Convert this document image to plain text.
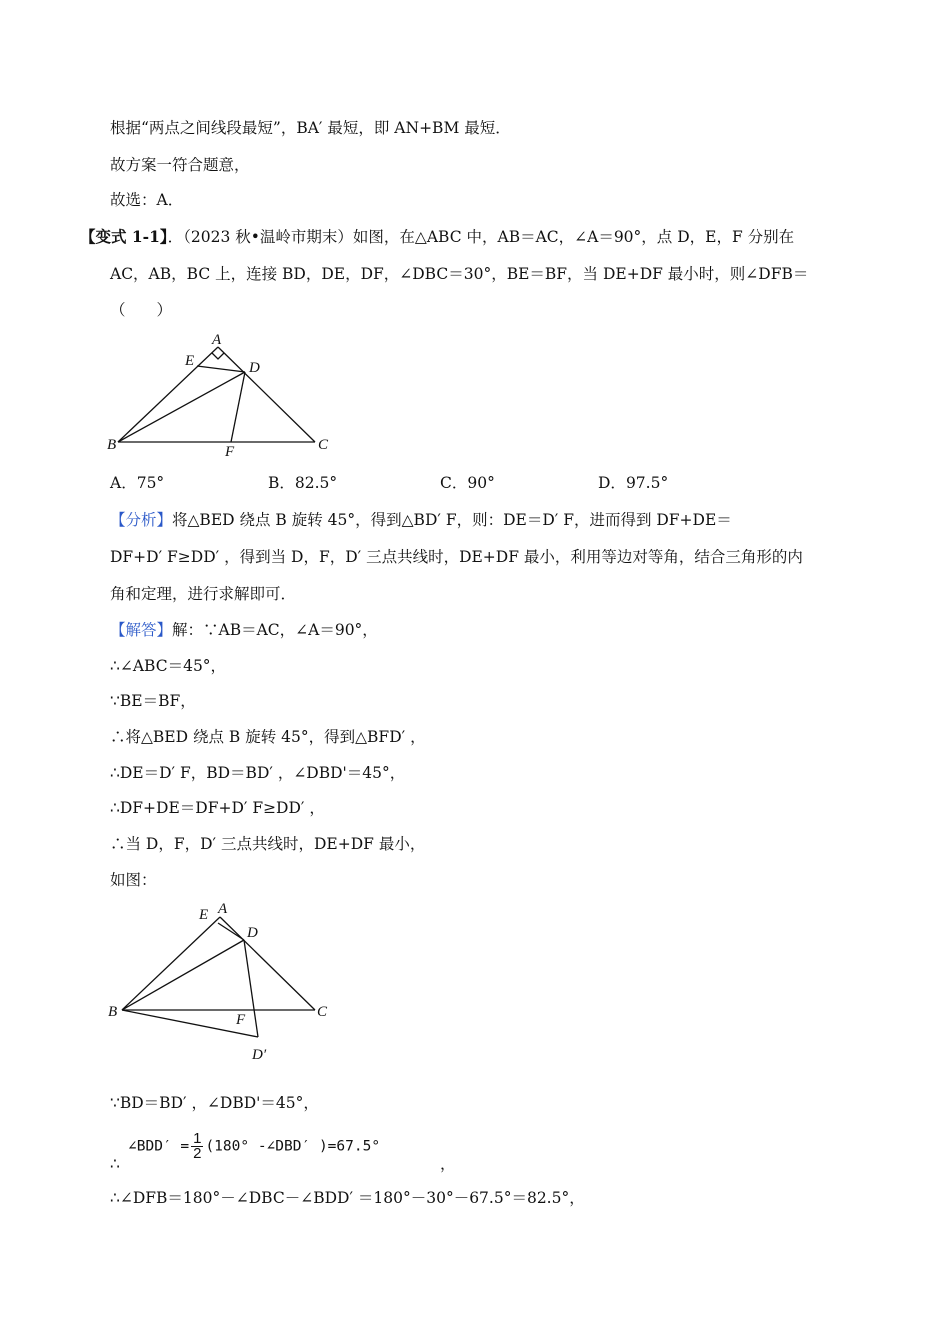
根据“两点之间线段最短”，BA′ 最短，即 AN+BM 最短．
故方案一符合题意，
故选：A．
【变式 1-1】．（2023 秋•温岭市期末）如图，在△ABC 中，AB＝AC，∠A＝90°，点 D，E，F 分别在
AC，AB，BC 上，连接 BD，DE，DF，∠DBC＝30°，BE＝BF，当 DE+DF 最小时，则∠DFB＝
（　　）
A
E	D
B	F	C
A．75°	B．82.5°	C．90°	D．97.5°
【分析】将△BED 绕点 B 旋转 45°，得到△BD′ F，则：DE＝D′ F，进而得到 DF+DE＝
DF+D′ F≥DD′ ，得到当 D，F，D′ 三点共线时，DE+DF 最小，利用等边对等角，结合三角形的内
角和定理，进行求解即可．
【解答】解：∵AB＝AC，∠A＝90°，
∴∠ABC＝45°，
∵BE＝BF，
∴将△BED 绕点 B 旋转 45°，得到△BFD′ ，
∴DE＝D′ F，BD＝BD′ ，∠DBD'＝45°，
∴DF+DE＝DF+D′ F≥DD′ ，
∴当 D，F，D′ 三点共线时，DE+DF 最小，
如图：
E A
D
B	F	C
D′
∵BD＝BD′ ，∠DBD'＝45°，
∴
∠BDD′ = $\frac{1}{2} (180^\circ$ -∠DBD′ )=67.5°
，
∴∠DFB＝180°－∠DBC－∠BDD′ ＝180°－30°－67.5°＝82.5°，
